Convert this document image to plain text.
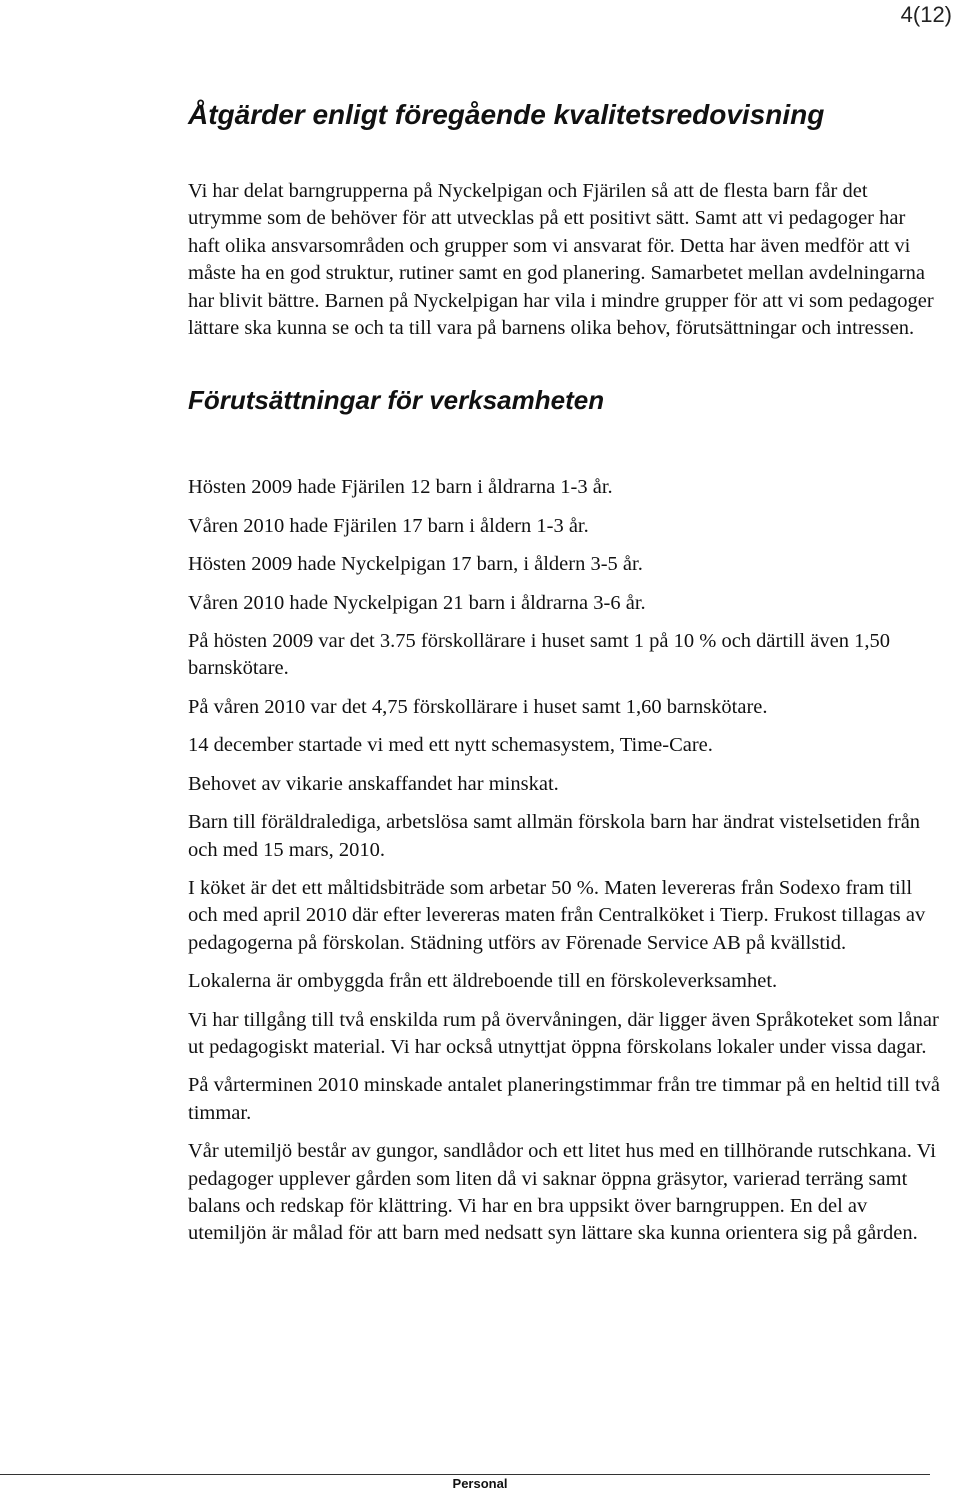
4(12)
Åtgärder enligt föregående kvalitetsredovisning

Vi har delat barngrupperna på Nyckelpigan och Fjärilen så att de flesta barn får det utrymme som de behöver för att utvecklas på ett positivt sätt. Samt att vi pedagoger har haft olika ansvarsområden och grupper som vi ansvarat för. Detta har även medför att vi måste ha en god struktur, rutiner samt en god planering. Samarbetet mellan avdelningarna har blivit bättre. Barnen på Nyckelpigan har vila i mindre grupper för att vi som pedagoger lättare ska kunna se och ta till vara på barnens olika behov, förutsättningar och intressen.

Förutsättningar för verksamheten

Hösten 2009 hade Fjärilen 12 barn i åldrarna 1-3 år.

Våren 2010 hade Fjärilen 17 barn i åldern 1-3 år.

Hösten 2009 hade Nyckelpigan 17 barn, i åldern 3-5 år.

Våren 2010 hade Nyckelpigan 21 barn i åldrarna 3-6 år.

På hösten 2009 var det 3.75 förskollärare i huset samt 1 på 10 % och därtill även 1,50 barnskötare.

På våren 2010 var det 4,75 förskollärare i huset samt 1,60 barnskötare.

14 december startade vi med ett nytt schemasystem, Time-Care.

Behovet av vikarie anskaffandet har minskat.

Barn till föräldralediga, arbetslösa samt allmän förskola barn har ändrat vistelsetiden från och med 15 mars, 2010.

I köket är det ett måltidsbiträde som arbetar 50 %. Maten levereras från Sodexo fram till och med april 2010 där efter levereras maten från Centralköket i Tierp. Frukost tillagas av pedagogerna på förskolan. Städning utförs av Förenade Service AB på kvällstid.

Lokalerna är ombyggda från ett äldreboende till en förskoleverksamhet.

Vi har tillgång till två enskilda rum på övervåningen, där ligger även Språkoteket som lånar ut pedagogiskt material. Vi har också utnyttjat öppna förskolans lokaler under vissa dagar.

På vårterminen 2010 minskade antalet planeringstimmar från tre timmar på en heltid till två timmar.

Vår utemiljö består av gungor, sandlådor och ett litet hus med en tillhörande rutschkana. Vi pedagoger upplever gården som liten då vi saknar öppna gräsytor, varierad terräng samt balans och redskap för klättring. Vi har en bra uppsikt över barngruppen. En del av utemiljön är målad för att barn med nedsatt syn lättare ska kunna orientera sig på gården.

Personal
